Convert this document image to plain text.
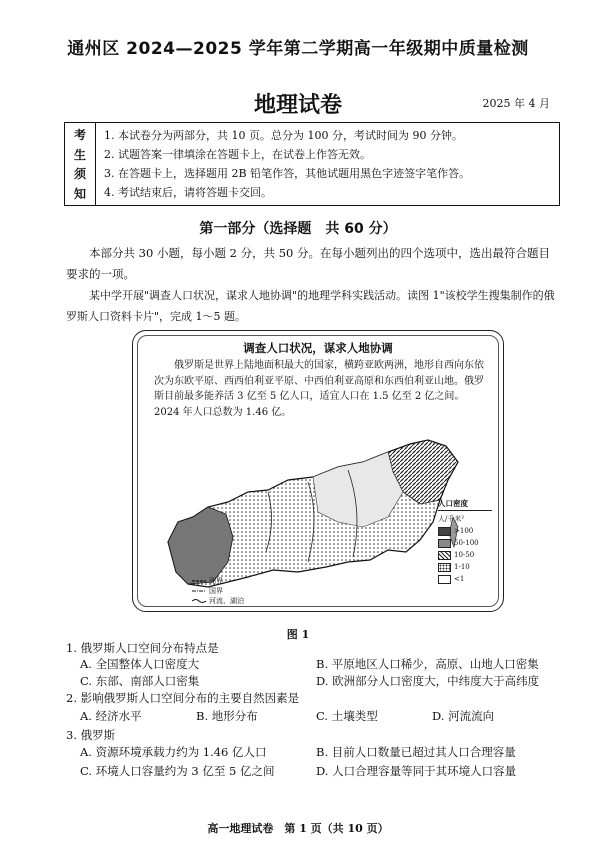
通州区 2024—2025 学年第二学期高一年级期中质量检测
地理试卷	2025 年 4 月
考
生
须
知
1. 本试卷分为两部分，共 10 页。总分为 100 分，考试时间为 90 分钟。
2. 试题答案一律填涂在答题卡上，在试卷上作答无效。
3. 在答题卡上，选择题用 2B 铅笔作答，其他试题用黑色字迹签字笔作答。
4. 考试结束后，请将答题卡交回。
第一部分（选择题　共 60 分）
本部分共 30 小题，每小题 2 分，共 50 分。在每小题列出的四个选项中，选出最符合题目要求的一项。
某中学开展"调查人口状况，谋求人地协调"的地理学科实践活动。读图 1"该校学生搜集制作的俄罗斯人口资料卡片"，完成 1～5 题。
调查人口状况，谋求人地协调
俄罗斯是世界上陆地面积最大的国家，横跨亚欧两洲，地形自西向东依次为东欧平原、西西伯利亚平原、中西伯利亚高原和东西伯利亚山地。俄罗斯目前最多能养活 3 亿至 5 亿人口，适宜人口在 1.5 亿至 2 亿之间。2024 年人口总数为 1.46 亿。
洲界
国界
河流、湖泊
人口密度
人/千米²
>100
50-100
10-50
1-10
<1
图 1
1. 俄罗斯人口空间分布特点是
A. 全国整体人口密度大	B. 平原地区人口稀少，高原、山地人口密集
C. 东部、南部人口密集	D. 欧洲部分人口密度大，中纬度大于高纬度
2. 影响俄罗斯人口空间分布的主要自然因素是
A. 经济水平	B. 地形分布	C. 土壤类型	D. 河流流向
3. 俄罗斯
A. 资源环境承载力约为 1.46 亿人口	B. 目前人口数量已超过其人口合理容量
C. 环境人口容量约为 3 亿至 5 亿之间	D. 人口合理容量等同于其环境人口容量
高一地理试卷　第 1 页（共 10 页）
